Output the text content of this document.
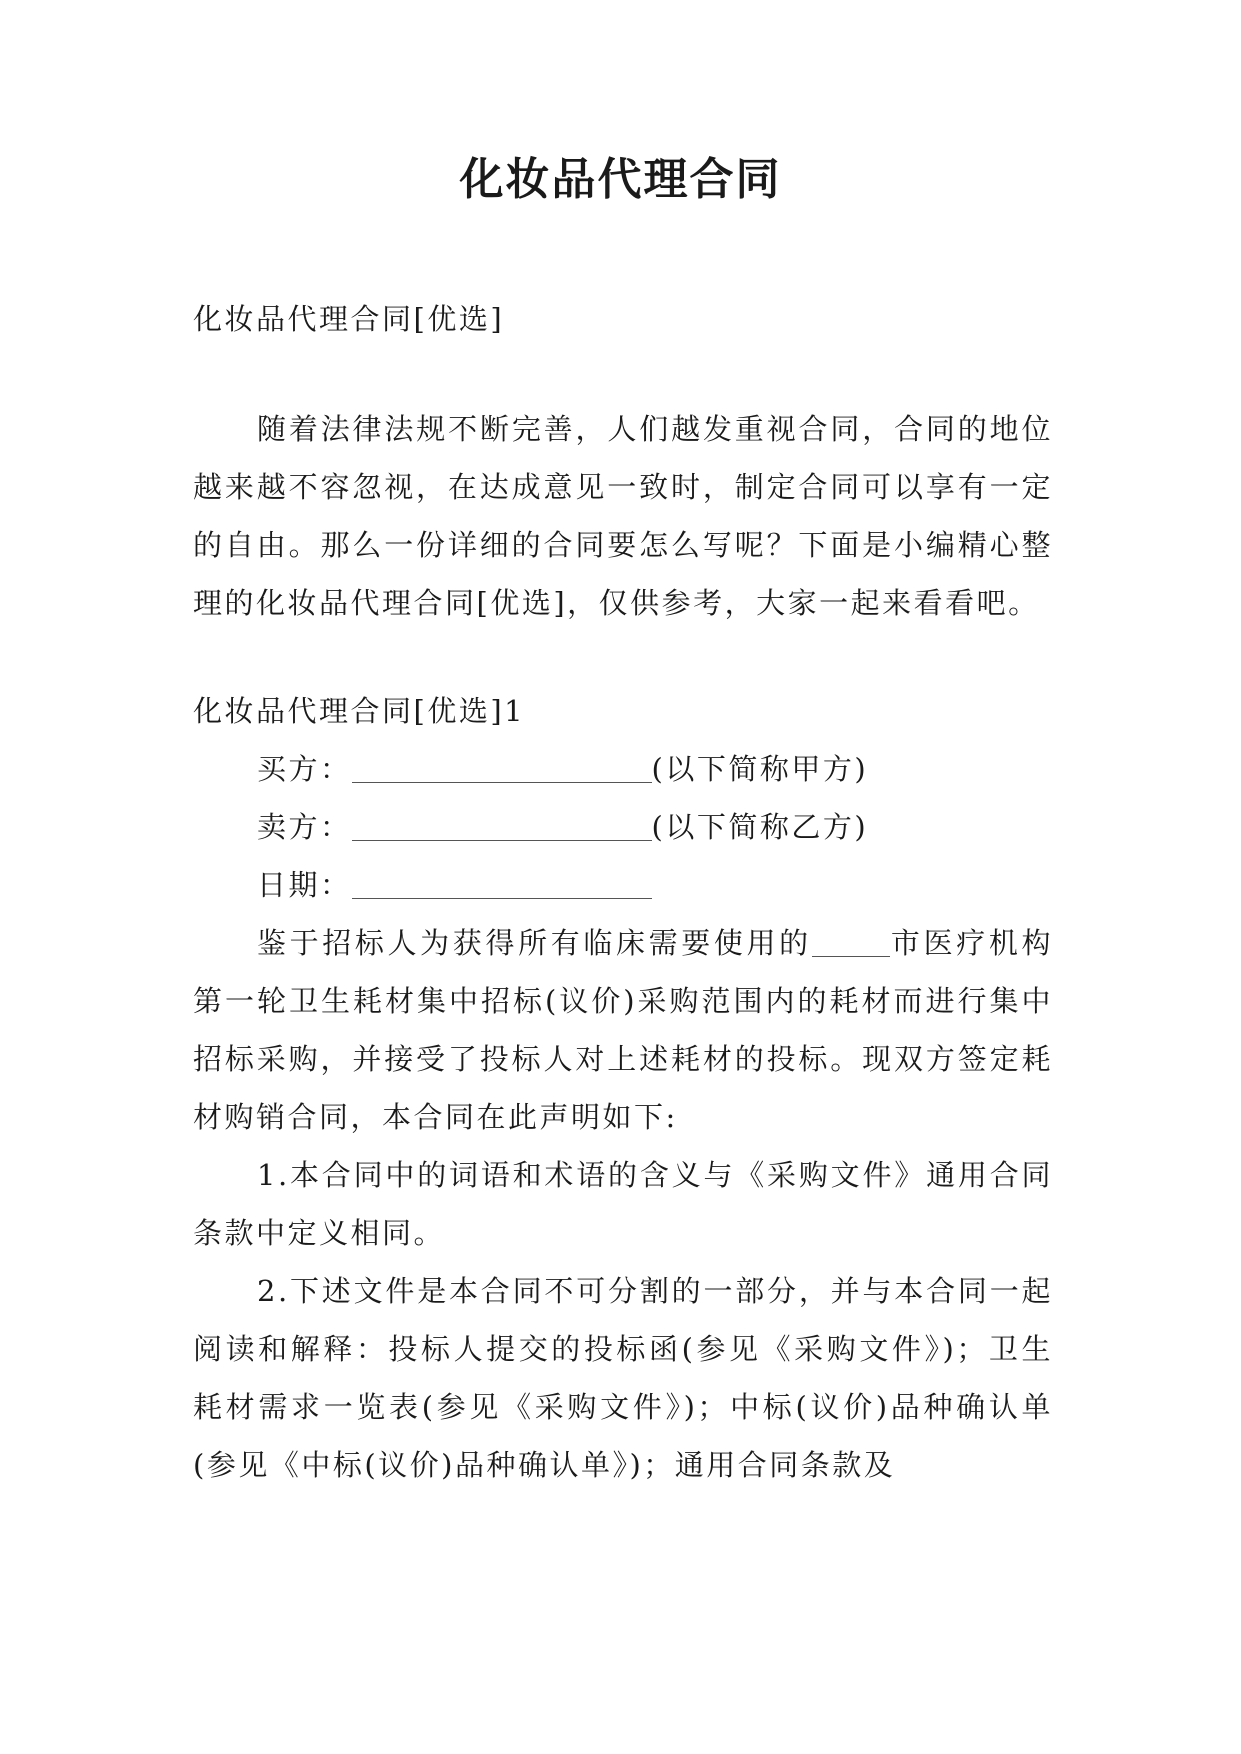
化妆品代理合同

化妆品代理合同[优选]

随着法律法规不断完善，人们越发重视合同，合同的地位越来越不容忽视，在达成意见一致时，制定合同可以享有一定的自由。那么一份详细的合同要怎么写呢？下面是小编精心整理的化妆品代理合同[优选]，仅供参考，大家一起来看看吧。

化妆品代理合同[优选]1

买方：	(以下简称甲方)

卖方：	(以下简称乙方)

日期：

鉴于招标人为获得所有临床需要使用的	市医疗机构第一轮卫生耗材集中招标(议价)采购范围内的耗材而进行集中招标采购，并接受了投标人对上述耗材的投标。现双方签定耗材购销合同，本合同在此声明如下:

1.本合同中的词语和术语的含义与《采购文件》通用合同条款中定义相同。

2.下述文件是本合同不可分割的一部分，并与本合同一起阅读和解释：投标人提交的投标函(参见《采购文件》)；卫生耗材需求一览表(参见《采购文件》)；中标(议价)品种确认单(参见《中标(议价)品种确认单》)；通用合同条款及
